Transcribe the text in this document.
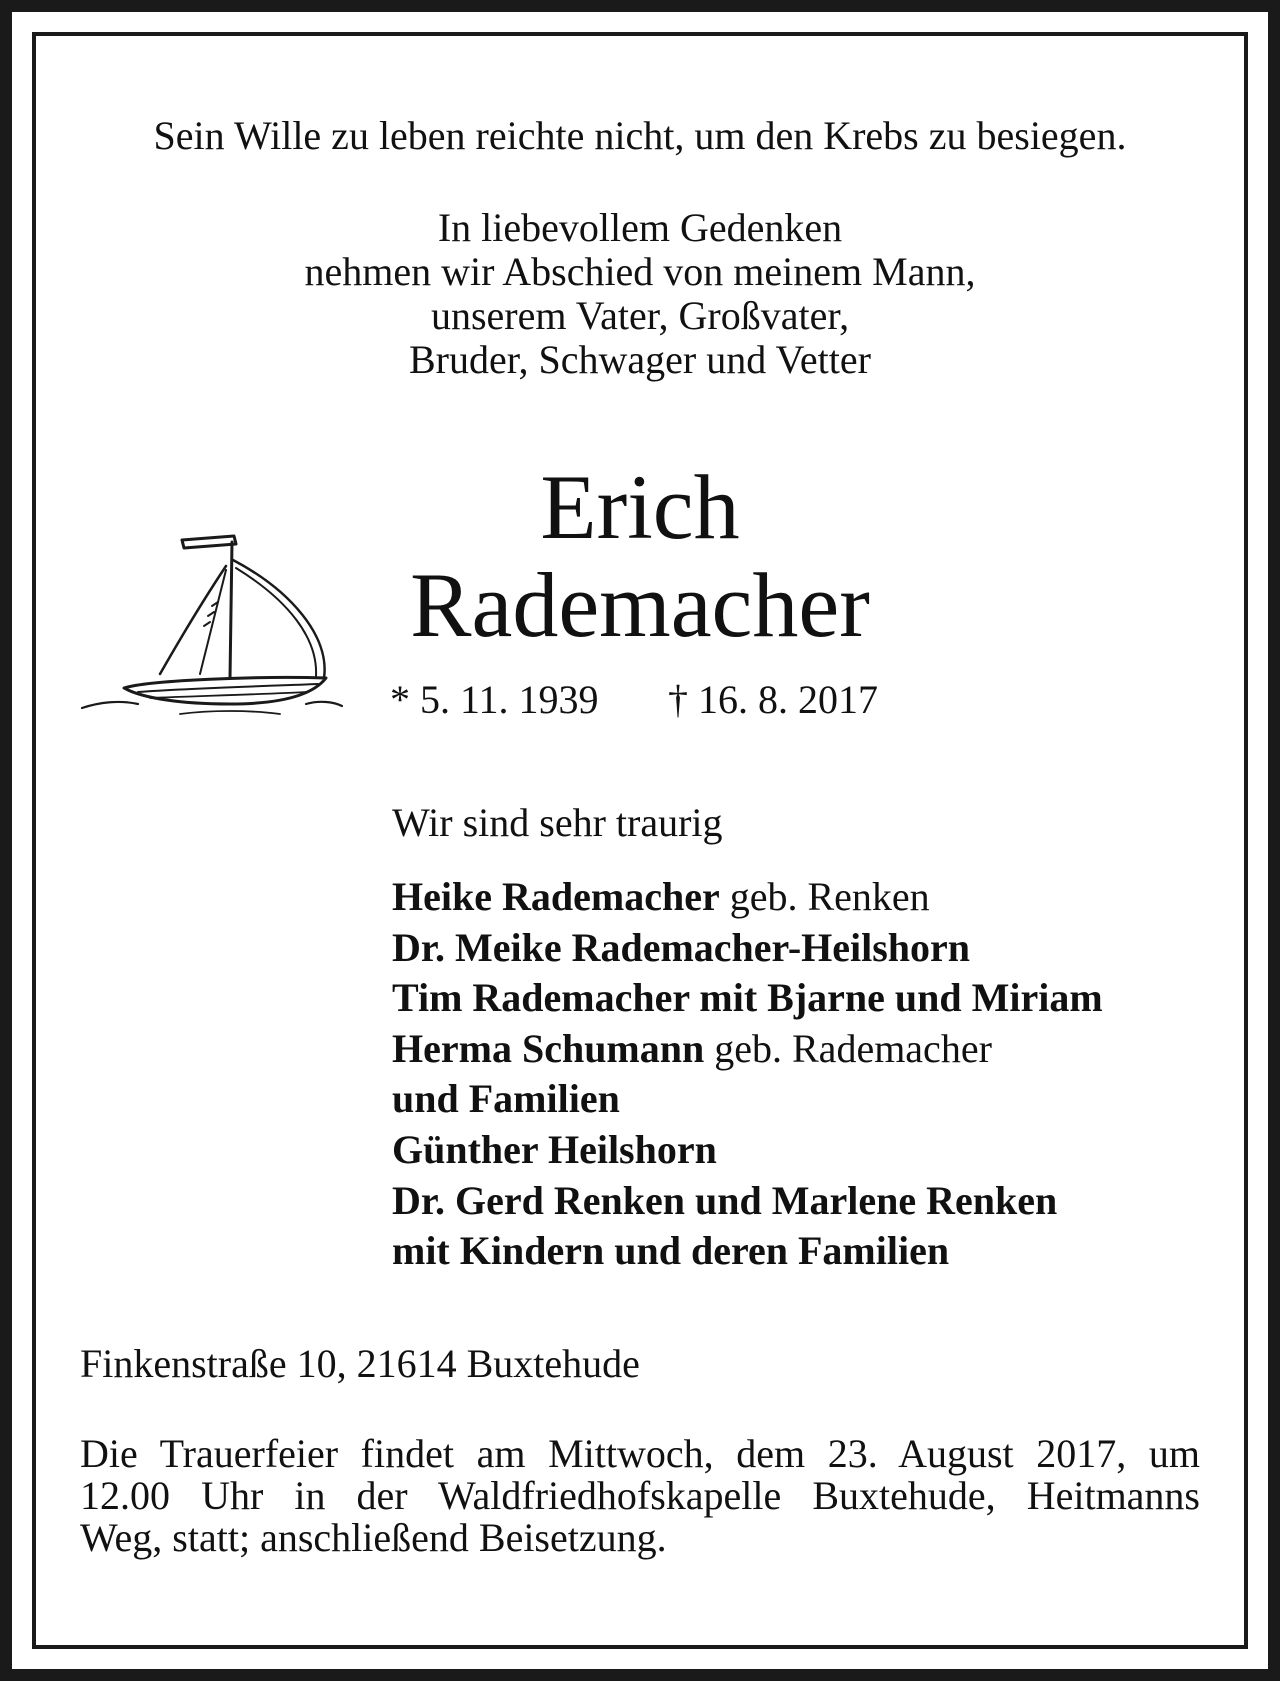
Sein Wille zu leben reichte nicht, um den Krebs zu besiegen.

In liebevollem Gedenken
nehmen wir Abschied von meinem Mann,
unserem Vater, Großvater,
Bruder, Schwager und Vetter

Erich
Rademacher
* 5. 11. 1939 † 16. 8. 2017
Wir sind sehr traurig
Heike Rademacher geb. Renken
Dr. Meike Rademacher-Heilshorn
Tim Rademacher mit Bjarne und Miriam
Herma Schumann geb. Rademacher
und Familien
Günther Heilshorn
Dr. Gerd Renken und Marlene Renken
mit Kindern und deren Familien
Finkenstraße 10, 21614 Buxtehude
Die Trauerfeier findet am Mittwoch, dem 23. August 2017, um
12.00 Uhr in der Waldfriedhofskapelle Buxtehude, Heitmanns
Weg, statt; anschließend Beisetzung.
